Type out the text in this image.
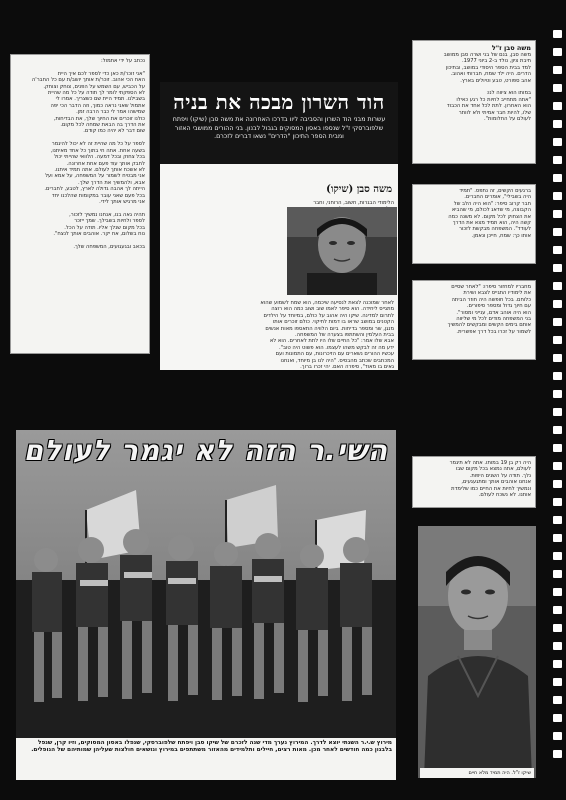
נכתב על ידי אתמול:

"אני זוכר/ת כאן כדי לספר לכם איך היית
האח הכי אהוב. זוכר/ת אותך יושב/ת עם כל החבר'ה
על הכביש, עם השמש על הפנים, צוחק וצוחק.
לא הספקתי לומר לך תודה על כל מה שהיית
בשבילנו. תמיד היית שם כשצריך. אמרו לי
אתמול שאני נראה כמוך, וזה הדבר הכי יפה
שמישהו אמר לי כבר הרבה זמן.
כולנו זוכרים את החיוך שלך, את הבדיחות,
את הדרך בה הבאת שמחה לכל מקום.
שום דבר לא יהיה כמו קודם.

לספר על כל מה שהיית זה לא יכול להיגמר
בשעה אחת. אתה חי בתוך כל אחד מאיתנו,
בכל צחוק ובכל דמעה. הלוואי שהייתי יכול
לחבק אותך עוד פעם אחת אחרונה.
לא אשכח אותך לעולם. אתה תמיד איתנו.
אני מבטיח לשמור על המשפחה, על אמא ועל
אבא, ולהמשיך את הדרך שלך.
הייתה לך אהבה גדולה לארץ, לטבע, לחברים.
בכל פעם שאני עובר במקומות שהלכנו יחד
אני מרגיש אותך לידי.

תהיה גאה בנו, אנחנו נמשיך לזכור,
לספר ולחיות בשבילך. שמך ייזכר
בכל מקום שנלך אליו. תודה על הכל.
נוח בשלום, אח יקר. אוהבים אותך לנצח".

בכאב ובגעגועים, המשפחה שלך.

הוד השרון מבכה את בניה
עשרות מבני הוד השרון והסביבה ליוו בדרכו האחרונה את משה סבן (שיקו) ויפתח שלפוברסקי ז"ל שנספו באסון המסוקים בגבול לבנון. בני ההורים ממושבי האזור ומבית הספר התיכון "הדרים" נשאו דברים לזכרם.
משה סבן (שיקו)

הלימודי הבגרות, חשוב, הרוחני, וחבר

לאחר שמוכנה לצאת לנסיעה שיכמה, הוא שמח לשמוע שהוא
מתגייס ליחידה. הוא סיפר לאמו שוב ושוב כמה הוא רוצה
לתרום למדינה. שיקו היה אהוב על כולם, במיוחד על הילדים
הקטנים במושב שראו בו דמות לחיקוי. כולם זוכרים אותו
מנגן, שר ומספר בדיחות. ביום הלוויה התאספו מאות אנשים
בבית העלמין והשתתפו בצערה של המשפחה.
אבא שלו אמר: "כל החיים שלו היו לתת לאחרים. הוא לא
ידע מה זה לבקש משהו לעצמו. הוא פשוט היה טוב".
עכשיו ההורים נשארים עם הזיכרונות, עם התמונות ועם
המכתבים שכתב מהבסיס. "היה לנו בן מיוחד, ואנחנו
גאים בו מאוד", סיפרה האם. יהי זכרו ברוך.

משה סבן ז"ל

משה סבן, בנם של בני ושרה סבן ממושב
חיבת ציון, נולד ב-2 ביוני 1977.
למד בבית הספר היסודי במושב, ובתיכון
הדרים. היה ילד שמח, חברותי ואהוב.
אהב ספורט, טבע וטיולים בארץ.

במותו הוא ציווה לנו:
"אתה מתחייב לחיות כל רגע כאילו
הוא האחרון. לתת לכל אחד את הכבוד
שלו, להיות חבר אמיתי ולא לוותר
לעולם על החלומות".

ברגעים הקשים, זה נתפס. "תמיד
היה בשבילי", אומרים החברים.
חבר קרוב סיפר: "הוא היה הלב של
הקבוצה, מי שדאג לכולם, מי שהביא
את הצחוק לכל מקום. לא משנה כמה
קשה היה, הוא תמיד מצא את הדרך
לעודד". המשפחה מבקשת לזכור
אותו כך: שמח, חייכן ונאמן.

מחבריו למחזור סיפרו: "לאחר שסיים
את לימודיו התגייס לצבא ושירת
כלוחם. בכל חופשה היה חוזר הביתה
עם חיוך גדול ומספר סיפורים.
הוא היה אוהב אדם, ענייני ומסור".
בני המשפחה מודים לכל מי שליווה
אותם בימים הקשים ומבקשים להמשיך
לשמור על זכרו בכל דרך אפשרית.

היה רק בן 19 במותו. אתה לא תיגמר
לעולם, אתה נמצא בכל מקום שבו
נלך. תודה על השנים היפות.
אנחנו אוהבים אותך ומתגעגעים,
ונמשיך לחיות את החיים כמו שלימדת
אותנו. לא נשכח לעולם.

השי.ר הזה לא יגמר לעולם
מירוץ ש.י.ר השנתי יוצא לדרך. המירוץ נערך מדי שנה לזכרם של שיקו סבן ויפתח שלפוברסקי, שנפלו באסון המסוקים, וזיו קרן, שנפל בלבנון כמה חודשים לאחר מכן. מאות רצים, חיילים ותלמידים מהאזור משתתפים במירוץ ונושאים חולצות שעליהן שמותיהם של הנופלים.
שיקו ז"ל. היה תמיד מלא חיים
